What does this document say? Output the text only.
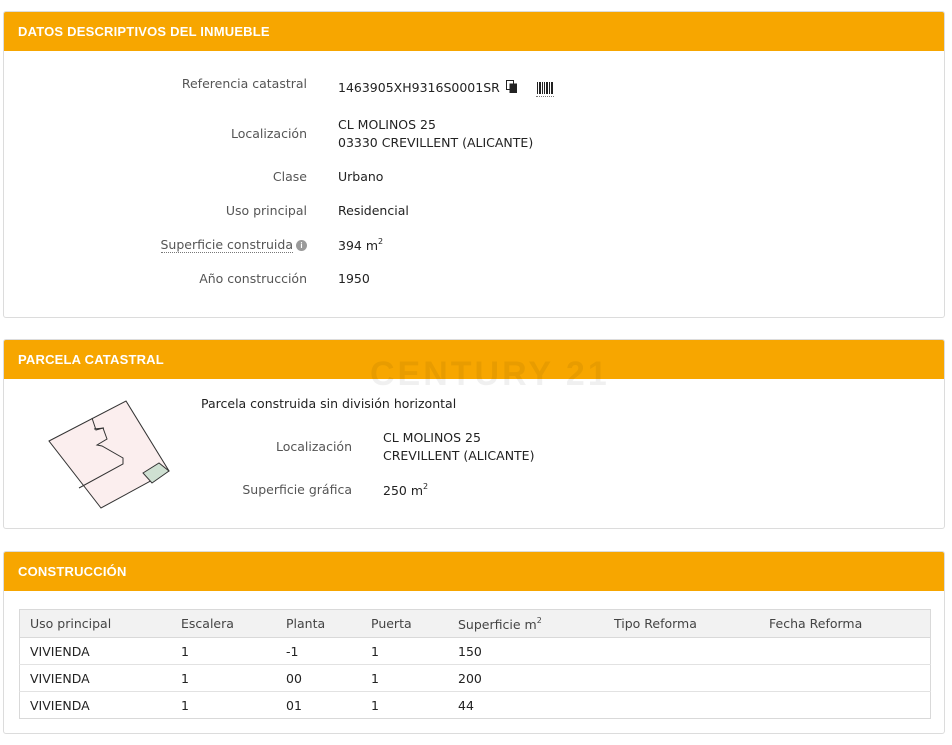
DATOS DESCRIPTIVOS DEL INMUEBLE
Referencia catastral 1463905XH9316S0001SR
Localización
CL MOLINOS 25
03330 CREVILLENT (ALICANTE)
Clase Urbano
Uso principal Residencial
Superficie construida i	394 $m^2$
Año construcción 1950
PARCELA CATASTRAL
Parcela construida sin división horizontal
Localización
CL MOLINOS 25
CREVILLENT (ALICANTE)
Superficie gráfica 250 $m^2$
CENTURY 21
CONSTRUCCIÓN
Uso principal	Escalera	Planta	Puerta	Superficie $m^2$	Tipo Reforma	Fecha Reforma
VIVIENDA	1	-1	1	150		
VIVIENDA	1	00	1	200		
VIVIENDA	1	01	1	44		
